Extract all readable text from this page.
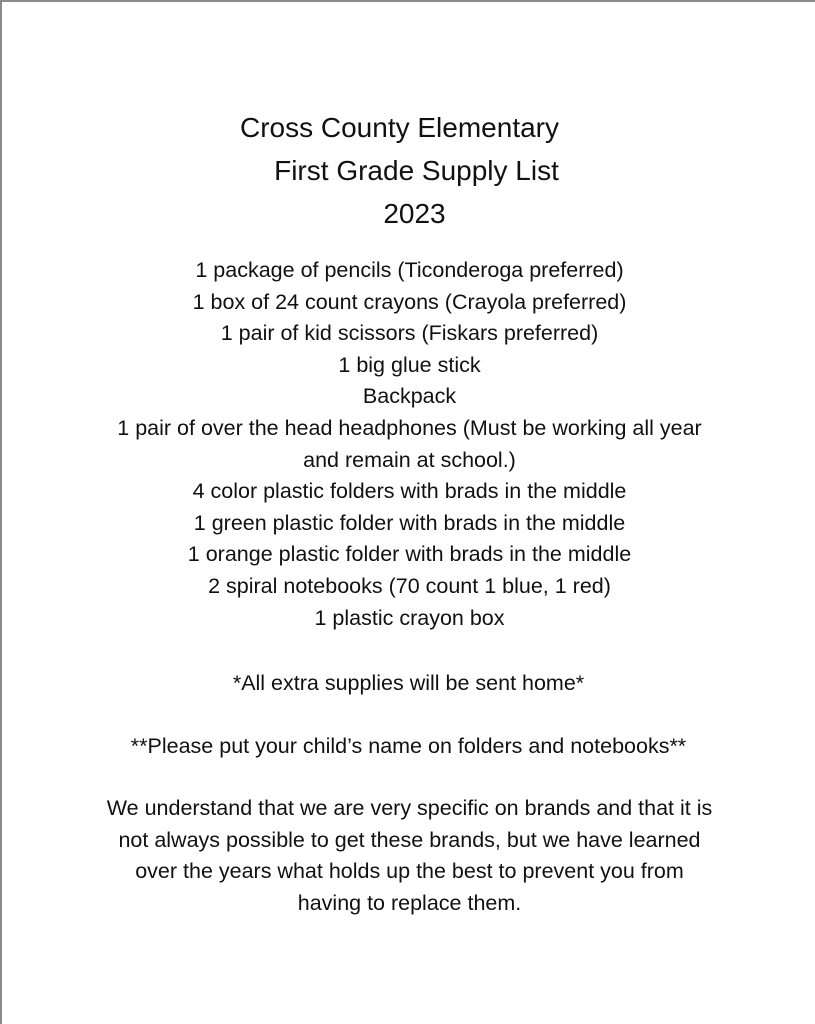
Cross County Elementary
First Grade Supply List
2023
1 package of pencils (Ticonderoga preferred)
1 box of 24 count crayons (Crayola preferred)
1 pair of kid scissors (Fiskars preferred)
1 big glue stick
Backpack
1 pair of over the head headphones (Must be working all year and remain at school.)
4 color plastic folders with brads in the middle
1 green plastic folder with brads in the middle
1 orange plastic folder with brads in the middle
2 spiral notebooks (70 count 1 blue, 1 red)
1 plastic crayon box
*All extra supplies will be sent home*
**Please put your child’s name on folders and notebooks**
We understand that we are very specific on brands and that it is not always possible to get these brands, but we have learned over the years what holds up the best to prevent you from having to replace them.
